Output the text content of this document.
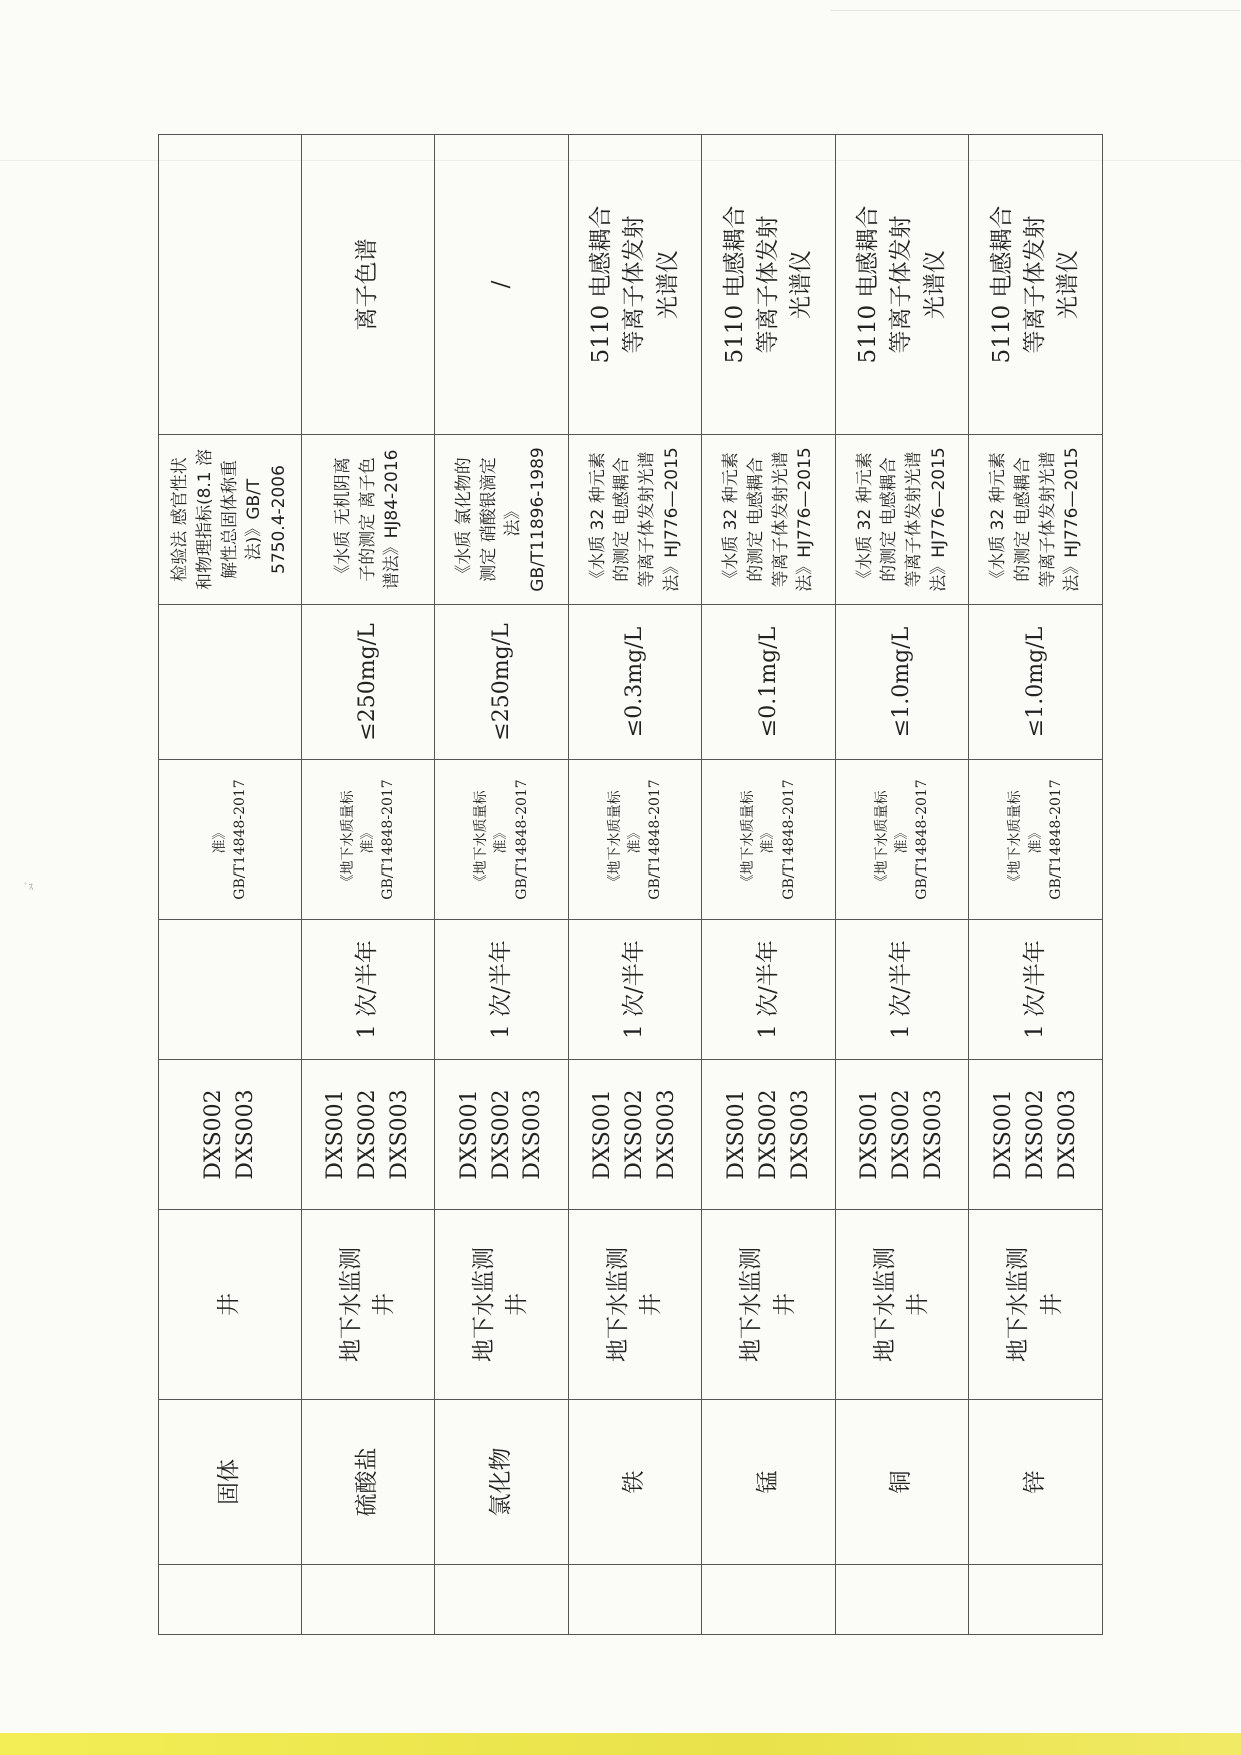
ﾞｽ
	固体	井	DXS002
DXS003		准》
GB/T14848-2017		检验法 感官性状
和物理指标(8.1 溶
解性总固体称重
法)》GB/T
5750.4-2006	
	硫酸盐	地下水监测
井	DXS001
DXS002
DXS003	1 次/半年	《地下水质量标
准》
GB/T14848-2017	≤250mg/L	《水质 无机阴离
子的测定 离子色
谱法》HJ84-2016	离子色谱
	氯化物	地下水监测
井	DXS001
DXS002
DXS003	1 次/半年	《地下水质量标
准》
GB/T14848-2017	≤250mg/L	《水质 氯化物的
测定 硝酸银滴定
法》
GB/T11896-1989	/
	铁	地下水监测
井	DXS001
DXS002
DXS003	1 次/半年	《地下水质量标
准》
GB/T14848-2017	≤0.3mg/L	《水质 32 种元素
的测定 电感耦合
等离子体发射光谱
法》HJ776—2015	5110 电感耦合
等离子体发射
光谱仪
	锰	地下水监测
井	DXS001
DXS002
DXS003	1 次/半年	《地下水质量标
准》
GB/T14848-2017	≤0.1mg/L	《水质 32 种元素
的测定 电感耦合
等离子体发射光谱
法》HJ776—2015	5110 电感耦合
等离子体发射
光谱仪
	铜	地下水监测
井	DXS001
DXS002
DXS003	1 次/半年	《地下水质量标
准》
GB/T14848-2017	≤1.0mg/L	《水质 32 种元素
的测定 电感耦合
等离子体发射光谱
法》HJ776—2015	5110 电感耦合
等离子体发射
光谱仪
	锌	地下水监测
井	DXS001
DXS002
DXS003	1 次/半年	《地下水质量标
准》
GB/T14848-2017	≤1.0mg/L	《水质 32 种元素
的测定 电感耦合
等离子体发射光谱
法》HJ776—2015	5110 电感耦合
等离子体发射
光谱仪
